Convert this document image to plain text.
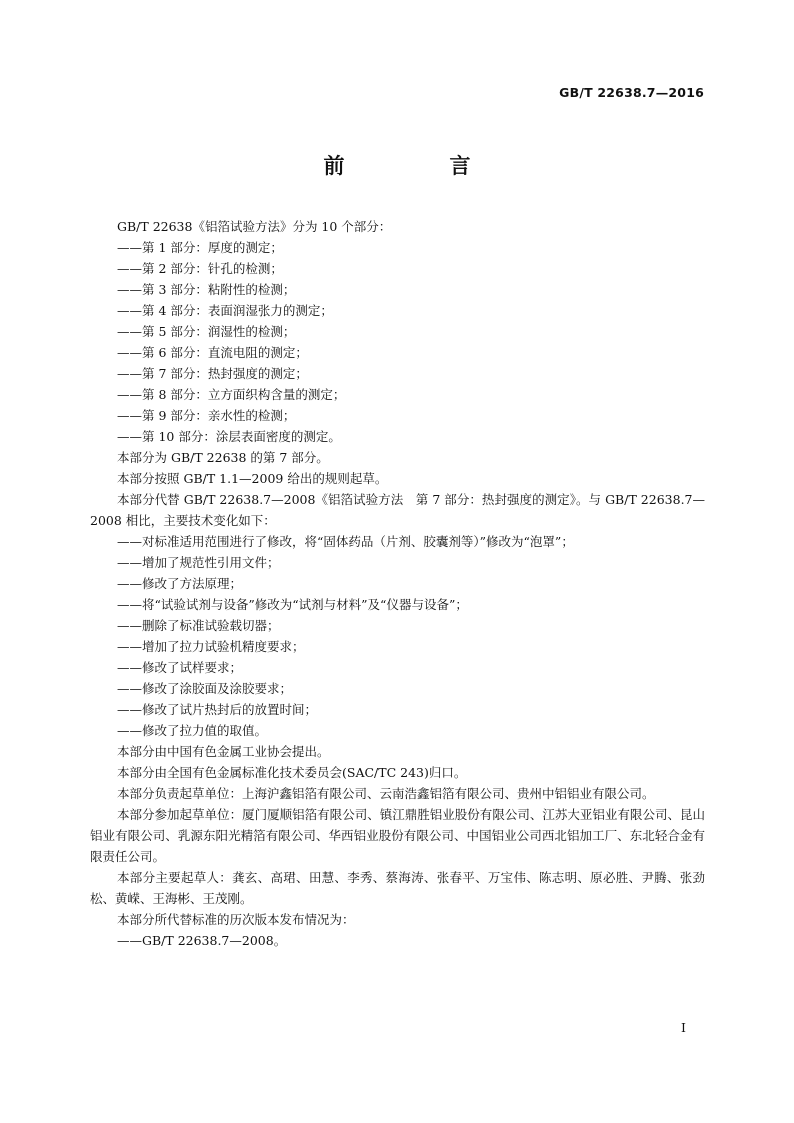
GB/T 22638.7—2016
前　言

GB/T 22638《铝箔试验方法》分为 10 个部分：

——第 1 部分：厚度的测定；

——第 2 部分：针孔的检测；

——第 3 部分：粘附性的检测；

——第 4 部分：表面润湿张力的测定；

——第 5 部分：润湿性的检测；

——第 6 部分：直流电阻的测定；

——第 7 部分：热封强度的测定；

——第 8 部分：立方面织构含量的测定；

——第 9 部分：亲水性的检测；

——第 10 部分：涂层表面密度的测定。

本部分为 GB/T 22638 的第 7 部分。

本部分按照 GB/T 1.1—2009 给出的规则起草。

本部分代替 GB/T 22638.7—2008《铝箔试验方法　第 7 部分：热封强度的测定》。与 GB/T 22638.7—2008 相比，主要技术变化如下：

——对标准适用范围进行了修改，将“固体药品（片剂、胶囊剂等）”修改为“泡罩”；

——增加了规范性引用文件；

——修改了方法原理；

——将“试验试剂与设备”修改为“试剂与材料”及“仪器与设备”；

——删除了标准试验载切器；

——增加了拉力试验机精度要求；

——修改了试样要求；

——修改了涂胶面及涂胶要求；

——修改了试片热封后的放置时间；

——修改了拉力值的取值。

本部分由中国有色金属工业协会提出。

本部分由全国有色金属标准化技术委员会(SAC/TC 243)归口。

本部分负责起草单位：上海沪鑫铝箔有限公司、云南浩鑫铝箔有限公司、贵州中铝铝业有限公司。

本部分参加起草单位：厦门厦顺铝箔有限公司、镇江鼎胜铝业股份有限公司、江苏大亚铝业有限公司、昆山铝业有限公司、乳源东阳光精箔有限公司、华西铝业股份有限公司、中国铝业公司西北铝加工厂、东北轻合金有限责任公司。

本部分主要起草人：龚玄、高珺、田慧、李秀、蔡海涛、张春平、万宝伟、陈志明、原必胜、尹腾、张劲松、黄嵘、王海彬、王茂刚。

本部分所代替标准的历次版本发布情况为：

——GB/T 22638.7—2008。

I
